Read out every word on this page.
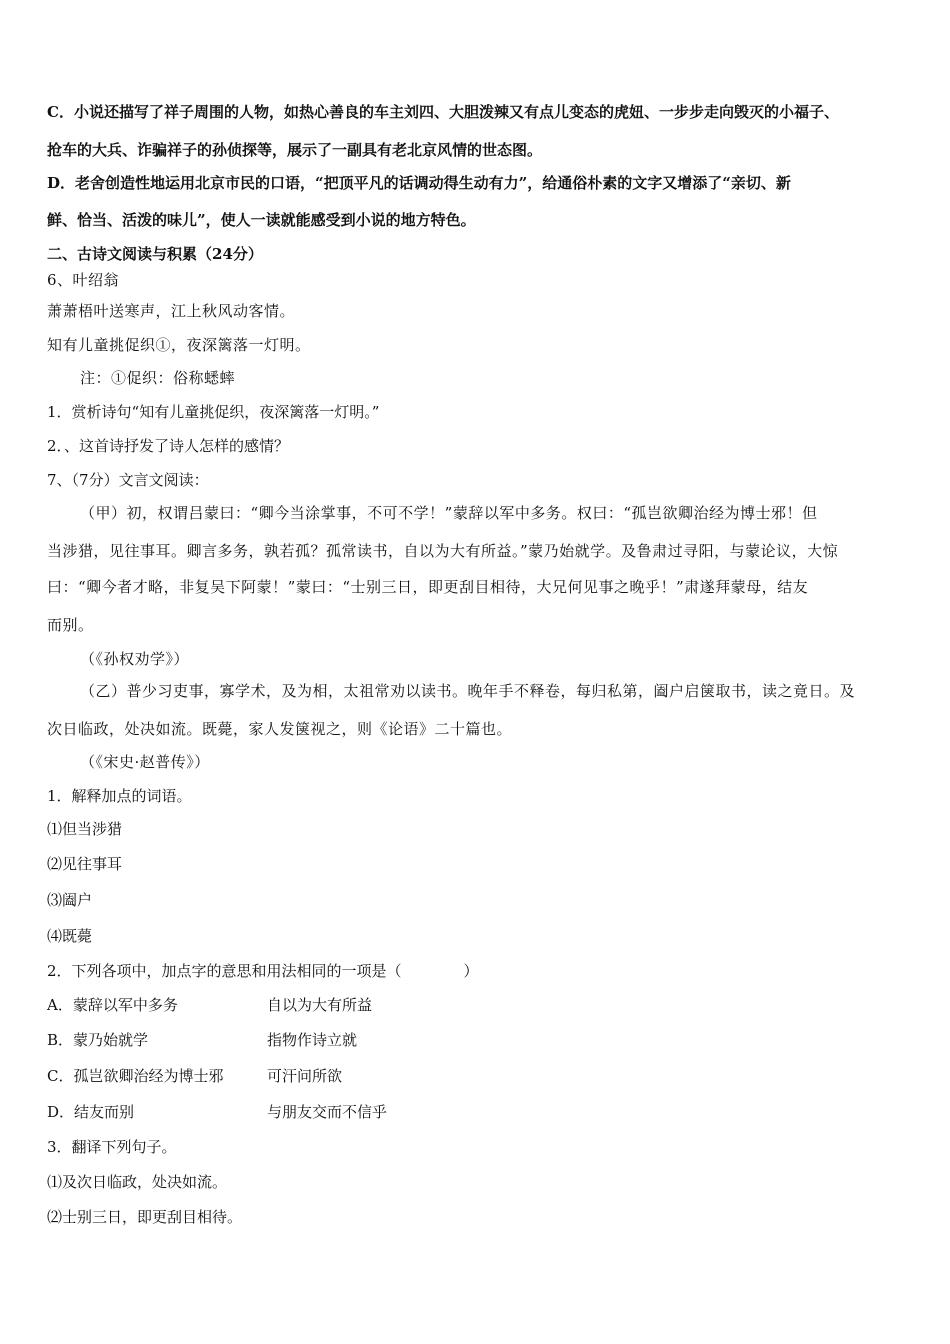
C．小说还描写了祥子周围的人物，如热心善良的车主刘四、大胆泼辣又有点儿变态的虎妞、一步步走向毁灭的小福子、
抢车的大兵、诈骗祥子的孙侦探等，展示了一副具有老北京风情的世态图。
D．老舍创造性地运用北京市民的口语，“把顶平凡的话调动得生动有力”，给通俗朴素的文字又增添了“亲切、新
鲜、恰当、活泼的味儿”，使人一读就能感受到小说的地方特色。
二、古诗文阅读与积累（24分）
6、叶绍翁
萧萧梧叶送寒声，江上秋风动客情。
知有儿童挑促织①，夜深篱落一灯明。
注：①促织：俗称蟋蟀
1．赏析诗句“知有儿童挑促织，夜深篱落一灯明。”
2．、这首诗抒发了诗人怎样的感情？
7、（7分）文言文阅读：
（甲）初，权谓吕蒙曰：“卿今当涂掌事，不可不学！”蒙辞以军中多务。权曰：“孤岂欲卿治经为博士邪！但
当涉猎，见往事耳。卿言多务，孰若孤？孤常读书，自以为大有所益。”蒙乃始就学。及鲁肃过寻阳，与蒙论议，大惊
曰：“卿今者才略，非复吴下阿蒙！”蒙曰：“士别三日，即更刮目相待，大兄何见事之晚乎！”肃遂拜蒙母，结友
而别。
（《孙权劝学》）
（乙）普少习吏事，寡学术，及为相，太祖常劝以读书。晚年手不释卷，每归私第，阖户启箧取书，读之竟日。及
次日临政，处决如流。既薨，家人发箧视之，则《论语》二十篇也。
（《宋史·赵普传》）
1．解释加点的词语。
⑴但当涉猎
⑵见往事耳
⑶阖户
⑷既薨
2．下列各项中，加点字的意思和用法相同的一项是（	）
A．蒙辞以军中多务	自以为大有所益
B．蒙乃始就学	指物作诗立就
C．孤岂欲卿治经为博士邪	可汗问所欲
D．结友而别	与朋友交而不信乎
3．翻译下列句子。
⑴及次日临政，处决如流。
⑵士别三日，即更刮目相待。
